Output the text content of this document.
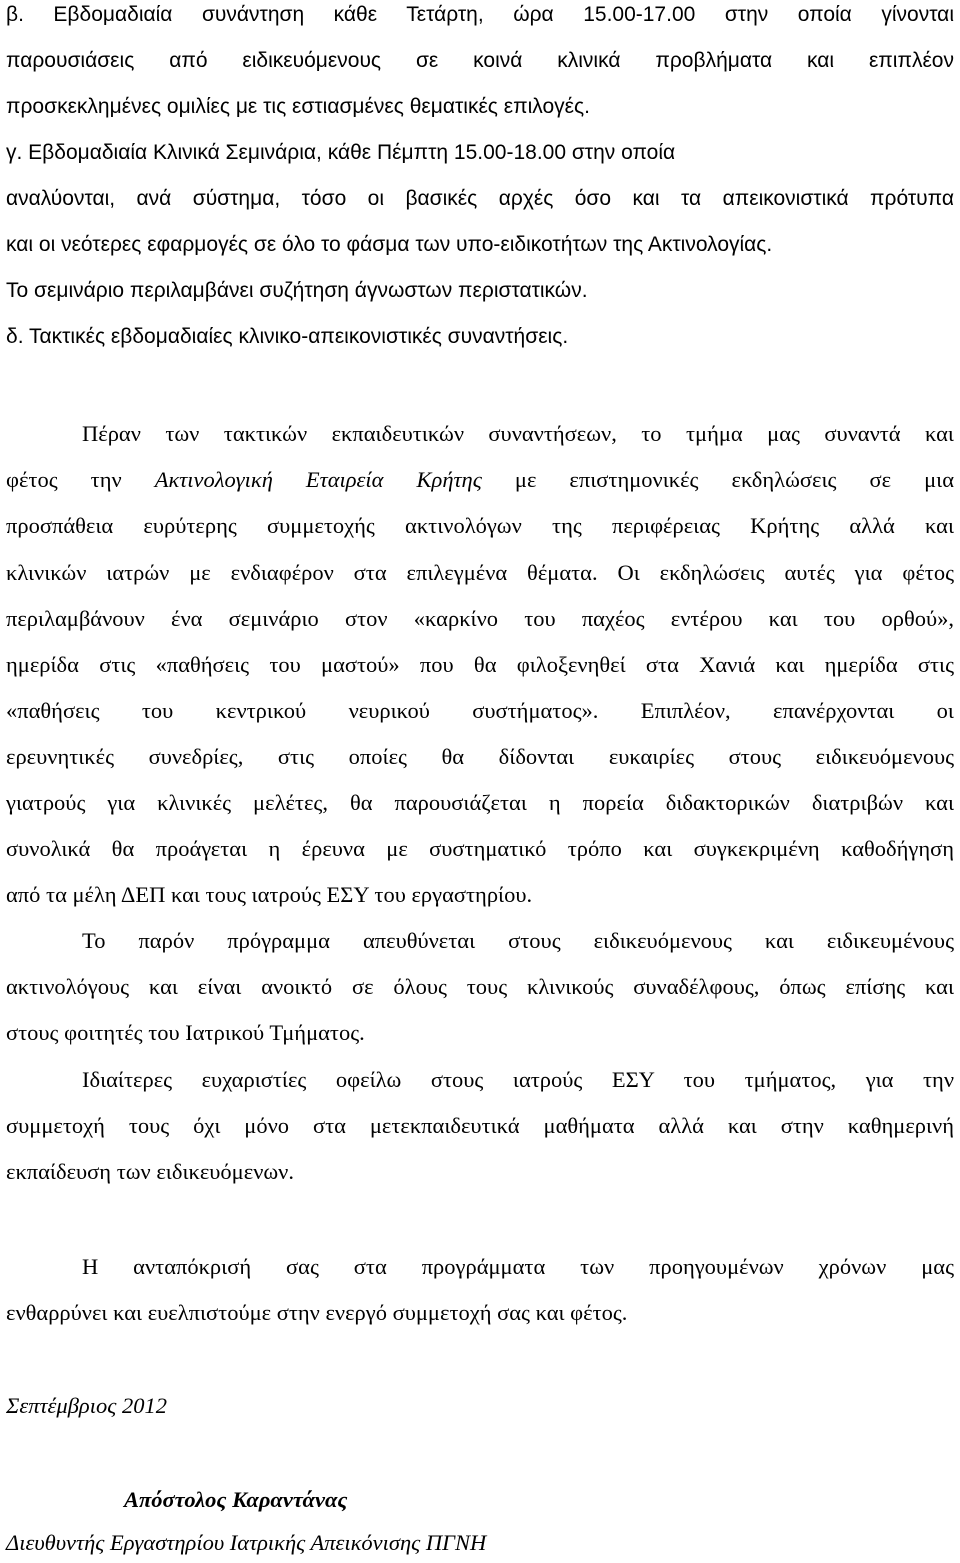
β. Εβδομαδιαία συνάντηση κάθε Τετάρτη, ώρα 15.00-17.00 στην οποία γίνονται
παρουσιάσεις από ειδικευόμενους σε κοινά κλινικά προβλήματα και επιπλέον
προσκεκλημένες ομιλίες με τις εστιασμένες θεματικές επιλογές.
γ. Εβδομαδιαία Κλινικά Σεμινάρια, κάθε Πέμπτη 15.00-18.00 στην οποία
αναλύονται, ανά σύστημα, τόσο οι βασικές αρχές όσο και τα απεικονιστικά πρότυπα
και οι νεότερες εφαρμογές σε όλο το φάσμα των υπο-ειδικοτήτων της Ακτινολογίας.
Το σεμινάριο περιλαμβάνει συζήτηση άγνωστων περιστατικών.
δ. Τακτικές εβδομαδιαίες κλινικο-απεικονιστικές συναντήσεις.
Πέραν των τακτικών εκπαιδευτικών συναντήσεων, το τμήμα μας συναντά και
φέτος την Ακτινολογική Εταιρεία Κρήτης με επιστημονικές εκδηλώσεις σε μια
προσπάθεια ευρύτερης συμμετοχής ακτινολόγων της περιφέρειας Κρήτης αλλά και
κλινικών ιατρών με ενδιαφέρον στα επιλεγμένα θέματα. Οι εκδηλώσεις αυτές για φέτος
περιλαμβάνουν ένα σεμινάριο στον «καρκίνο του παχέος εντέρου και του ορθού»,
ημερίδα στις «παθήσεις του μαστού» που θα φιλοξενηθεί στα Χανιά και ημερίδα στις
«παθήσεις του κεντρικού νευρικού συστήματος». Επιπλέον, επανέρχονται οι
ερευνητικές συνεδρίες, στις οποίες θα δίδονται ευκαιρίες στους ειδικευόμενους
γιατρούς για κλινικές μελέτες, θα παρουσιάζεται η πορεία διδακτορικών διατριβών και
συνολικά θα προάγεται η έρευνα με συστηματικό τρόπο και συγκεκριμένη καθοδήγηση
από τα μέλη ΔΕΠ και τους ιατρούς ΕΣΥ του εργαστηρίου.
Το παρόν πρόγραμμα απευθύνεται στους ειδικευόμενους και ειδικευμένους
ακτινολόγους και είναι ανοικτό σε όλους τους κλινικούς συναδέλφους, όπως επίσης και
στους φοιτητές του Ιατρικού Τμήματος.
Ιδιαίτερες ευχαριστίες οφείλω στους ιατρούς ΕΣΥ του τμήματος, για την
συμμετοχή τους όχι μόνο στα μετεκπαιδευτικά μαθήματα αλλά και στην καθημερινή
εκπαίδευση των ειδικευόμενων.
Η ανταπόκρισή σας στα προγράμματα των προηγουμένων χρόνων μας
ενθαρρύνει και ευελπιστούμε στην ενεργό συμμετοχή σας και φέτος.
Σεπτέμβριος 2012
Απόστολος Καραντάνας
Διευθυντής Εργαστηρίου Ιατρικής Απεικόνισης ΠΓΝΗ
